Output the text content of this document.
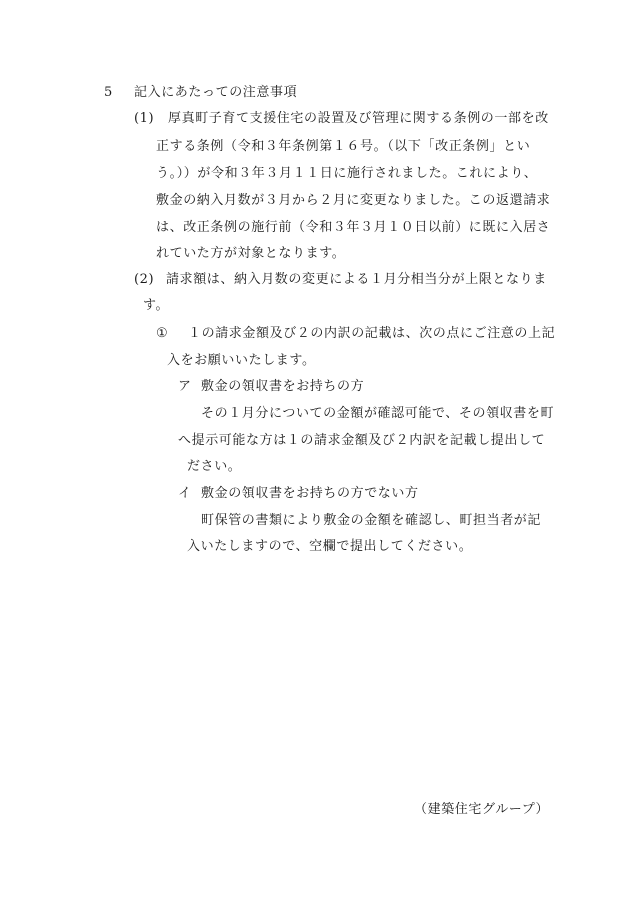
5 記入にあたっての注意事項
(1) 厚真町子育て支援住宅の設置及び管理に関する条例の一部を改
正する条例（令和３年条例第１６号。（以下「改正条例」とい
う。））が令和３年３月１１日に施行されました。これにより、
敷金の納入月数が３月から２月に変更なりました。この返還請求
は、改正条例の施行前（令和３年３月１０日以前）に既に入居さ
れていた方が対象となります。
(2) 請求額は、納入月数の変更による１月分相当分が上限となりま
す。
① １の請求金額及び２の内訳の記載は、次の点にご注意の上記
入をお願いいたします。
ア 敷金の領収書をお持ちの方
その１月分についての金額が確認可能で、その領収書を町
へ提示可能な方は１の請求金額及び２内訳を記載し提出して
ださい。
イ 敷金の領収書をお持ちの方でない方
町保管の書類により敷金の金額を確認し、町担当者が記
入いたしますので、空欄で提出してください。
（建築住宅グループ）
